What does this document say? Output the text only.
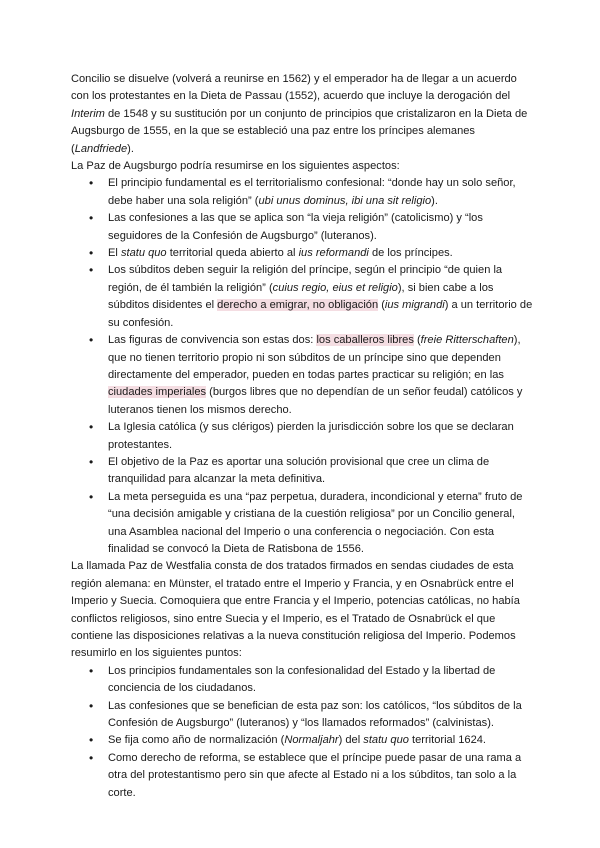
Concilio se disuelve (volverá a reunirse en 1562) y el emperador ha de llegar a un acuerdo con los protestantes en la Dieta de Passau (1552), acuerdo que incluye la derogación del Interim de 1548 y su sustitución por un conjunto de principios que cristalizaron en la Dieta de Augsburgo de 1555, en la que se estableció una paz entre los príncipes alemanes (Landfriede).

La Paz de Augsburgo podría resumirse en los siguientes aspectos:

• El principio fundamental es el territorialismo confesional: “donde hay un solo señor, debe haber una sola religión” (ubi unus dominus, ibi una sit religio).
• Las confesiones a las que se aplica son “la vieja religión” (catolicismo) y “los seguidores de la Confesión de Augsburgo” (luteranos).
• El statu quo territorial queda abierto al ius reformandi de los príncipes.
• Los súbditos deben seguir la religión del príncipe, según el principio “de quien la región, de él también la religión” (cuius regio, eius et religio), si bien cabe a los súbditos disidentes el derecho a emigrar, no obligación (ius migrandi) a un territorio de su confesión.
• Las figuras de convivencia son estas dos: los caballeros libres (freie Ritterschaften), que no tienen territorio propio ni son súbditos de un príncipe sino que dependen directamente del emperador, pueden en todas partes practicar su religión; en las ciudades imperiales (burgos libres que no dependían de un señor feudal) católicos y luteranos tienen los mismos derecho.
• La Iglesia católica (y sus clérigos) pierden la jurisdicción sobre los que se declaran protestantes.
• El objetivo de la Paz es aportar una solución provisional que cree un clima de tranquilidad para alcanzar la meta definitiva.
• La meta perseguida es una “paz perpetua, duradera, incondicional y eterna” fruto de “una decisión amigable y cristiana de la cuestión religiosa” por un Concilio general, una Asamblea nacional del Imperio o una conferencia o negociación. Con esta finalidad se convocó la Dieta de Ratisbona de 1556.

La llamada Paz de Westfalia consta de dos tratados firmados en sendas ciudades de esta región alemana: en Münster, el tratado entre el Imperio y Francia, y en Osnabrück entre el Imperio y Suecia. Comoquiera que entre Francia y el Imperio, potencias católicas, no había conflictos religiosos, sino entre Suecia y el Imperio, es el Tratado de Osnabrück el que contiene las disposiciones relativas a la nueva constitución religiosa del Imperio. Podemos resumirlo en los siguientes puntos:

• Los principios fundamentales son la confesionalidad del Estado y la libertad de conciencia de los ciudadanos.
• Las confesiones que se benefician de esta paz son: los católicos, “los súbditos de la Confesión de Augsburgo” (luteranos) y “los llamados reformados” (calvinistas).
• Se fija como año de normalización (Normaljahr) del statu quo territorial 1624.
• Como derecho de reforma, se establece que el príncipe puede pasar de una rama a otra del protestantismo pero sin que afecte al Estado ni a los súbditos, tan solo a la corte.
